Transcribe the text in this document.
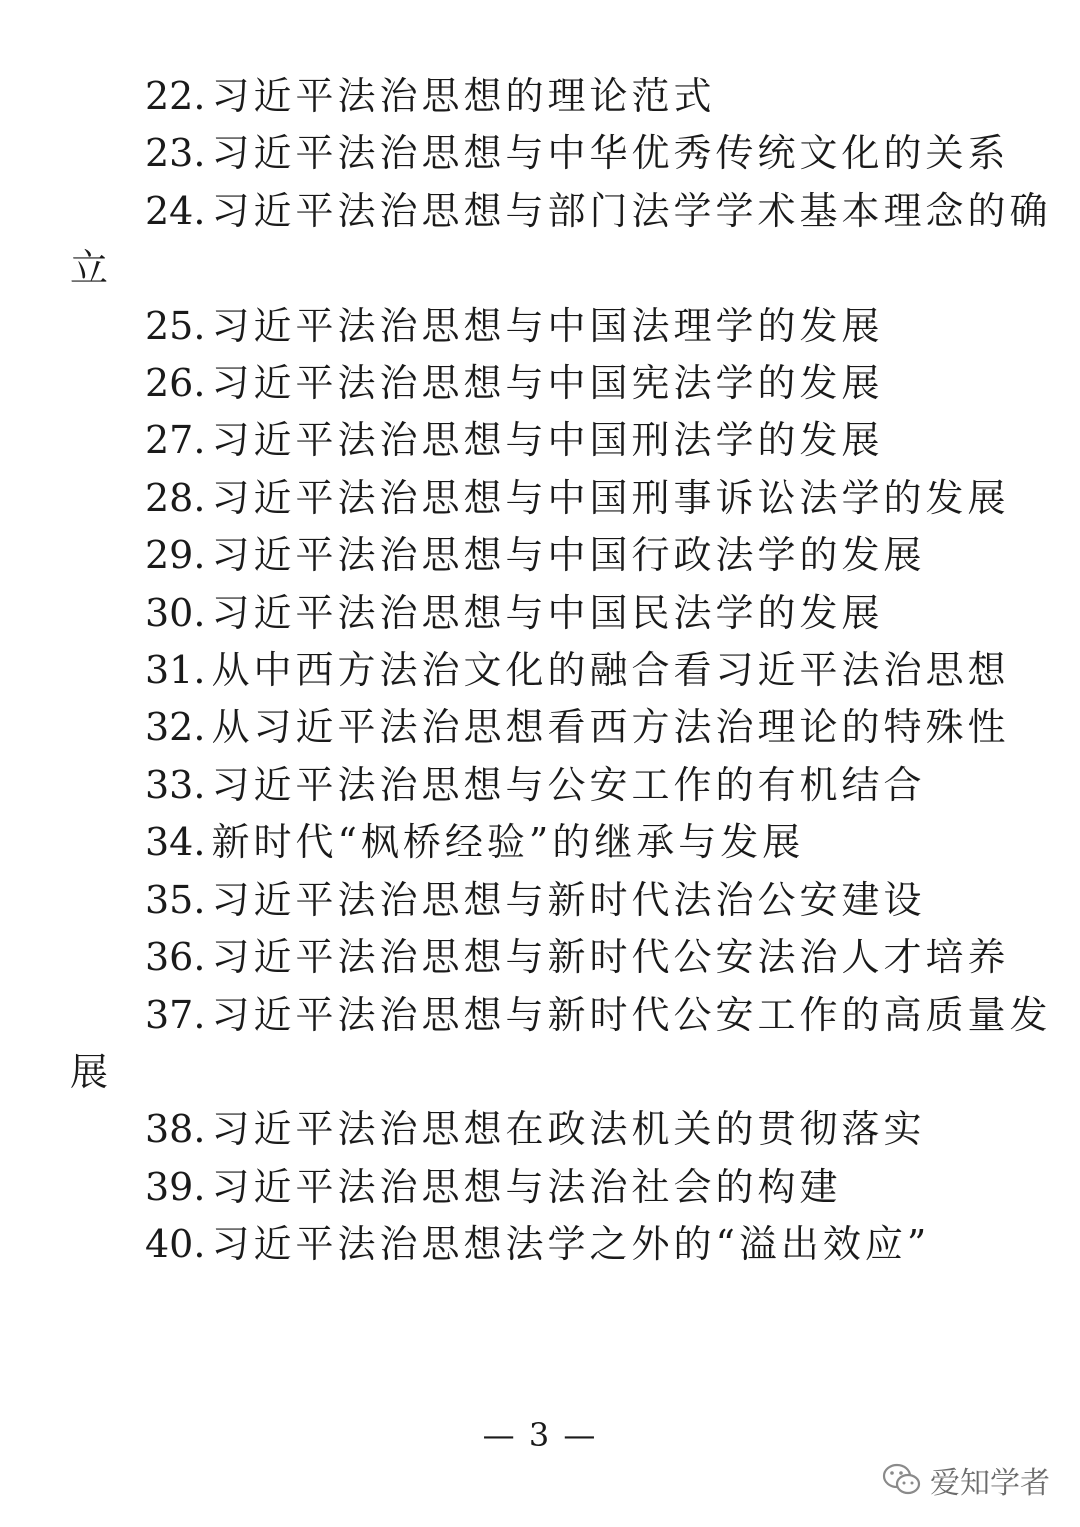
22. 习近平法治思想的理论范式
23. 习近平法治思想与中华优秀传统文化的关系
24. 习近平法治思想与部门法学学术基本理念的确
立
25. 习近平法治思想与中国法理学的发展
26. 习近平法治思想与中国宪法学的发展
27. 习近平法治思想与中国刑法学的发展
28. 习近平法治思想与中国刑事诉讼法学的发展
29. 习近平法治思想与中国行政法学的发展
30. 习近平法治思想与中国民法学的发展
31. 从中西方法治文化的融合看习近平法治思想
32. 从习近平法治思想看西方法治理论的特殊性
33. 习近平法治思想与公安工作的有机结合
34. 新时代“枫桥经验”的继承与发展
35. 习近平法治思想与新时代法治公安建设
36. 习近平法治思想与新时代公安法治人才培养
37. 习近平法治思想与新时代公安工作的高质量发
展
38. 习近平法治思想在政法机关的贯彻落实
39. 习近平法治思想与法治社会的构建
40. 习近平法治思想法学之外的“溢出效应”
— 3 —
爱知学者
